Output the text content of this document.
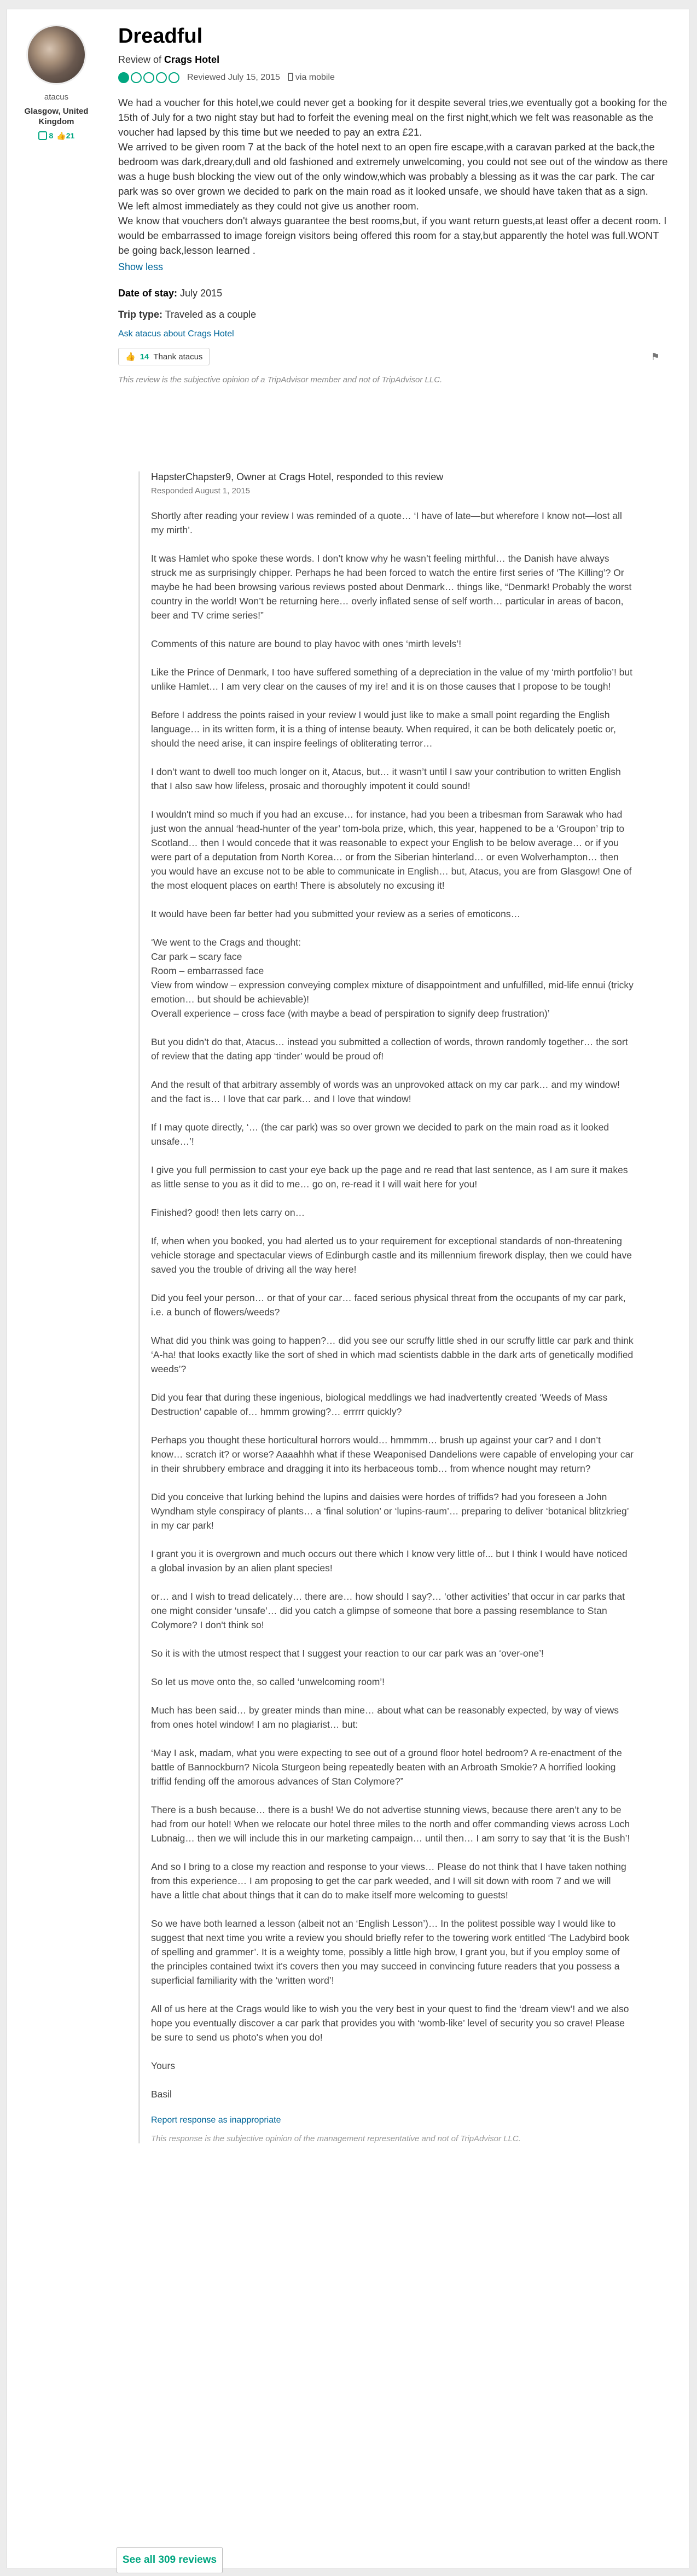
atacus
Glasgow, United Kingdom
8 👍21
Dreadful
Review of Crags Hotel
Reviewed July 15, 2015	via mobile

We had a voucher for this hotel,we could never get a booking for it despite several tries,we eventually got a booking for the 15th of July for a two night stay but had to forfeit the evening meal on the first night,which we felt was reasonable as the voucher had lapsed by this time but we needed to pay an extra £21.

We arrived to be given room 7 at the back of the hotel next to an open fire escape,with a caravan parked at the back,the bedroom was dark,dreary,dull and old fashioned and extremely unwelcoming, you could not see out of the window as there was a huge bush blocking the view out of the only window,which was probably a blessing as it was the car park. The car park was so over grown we decided to park on the main road as it looked unsafe, we should have taken that as a sign.

We left almost immediately as they could not give us another room.

We know that vouchers don't always guarantee the best rooms,but, if you want return guests,at least offer a decent room. I would be embarrassed to image foreign visitors being offered this room for a stay,but apparently the hotel was full.WONT be going back,lesson learned .

Show less
Date of stay: July 2015
Trip type: Traveled as a couple
Ask atacus about Crags Hotel
👍 14 Thank atacus	⚑
This review is the subjective opinion of a TripAdvisor member and not of TripAdvisor LLC.
HapsterChapster9, Owner at Crags Hotel, responded to this review
Responded August 1, 2015

Shortly after reading your review I was reminded of a quote… ‘I have of late—but wherefore I know not—lost all my mirth’.

It was Hamlet who spoke these words. I don’t know why he wasn’t feeling mirthful… the Danish have always struck me as surprisingly chipper. Perhaps he had been forced to watch the entire first series of ‘The Killing’? Or maybe he had been browsing various reviews posted about Denmark… things like, “Denmark! Probably the worst country in the world! Won’t be returning here… overly inflated sense of self worth… particular in areas of bacon, beer and TV crime series!”

Comments of this nature are bound to play havoc with ones ‘mirth levels’!

Like the Prince of Denmark, I too have suffered something of a depreciation in the value of my ‘mirth portfolio’! but unlike Hamlet… I am very clear on the causes of my ire! and it is on those causes that I propose to be tough!

Before I address the points raised in your review I would just like to make a small point regarding the English language… in its written form, it is a thing of intense beauty. When required, it can be both delicately poetic or, should the need arise, it can inspire feelings of obliterating terror…

I don’t want to dwell too much longer on it, Atacus, but… it wasn’t until I saw your contribution to written English that I also saw how lifeless, prosaic and thoroughly impotent it could sound!

I wouldn't mind so much if you had an excuse… for instance, had you been a tribesman from Sarawak who had just won the annual ‘head-hunter of the year’ tom-bola prize, which, this year, happened to be a ‘Groupon’ trip to Scotland… then I would concede that it was reasonable to expect your English to be below average… or if you were part of a deputation from North Korea… or from the Siberian hinterland… or even Wolverhampton… then you would have an excuse not to be able to communicate in English… but, Atacus, you are from Glasgow! One of the most eloquent places on earth! There is absolutely no excusing it!

It would have been far better had you submitted your review as a series of emoticons…

‘We went to the Crags and thought:

Car park – scary face

Room – embarrassed face

View from window – expression conveying complex mixture of disappointment and unfulfilled, mid-life ennui (tricky emotion… but should be achievable)!

Overall experience – cross face (with maybe a bead of perspiration to signify deep frustration)’

But you didn’t do that, Atacus… instead you submitted a collection of words, thrown randomly together… the sort of review that the dating app ‘tinder’ would be proud of!

And the result of that arbitrary assembly of words was an unprovoked attack on my car park… and my window! and the fact is… I love that car park… and I love that window!

If I may quote directly, ‘… (the car park) was so over grown we decided to park on the main road as it looked unsafe…’!

I give you full permission to cast your eye back up the page and re read that last sentence, as I am sure it makes as little sense to you as it did to me… go on, re-read it I will wait here for you!

Finished? good! then lets carry on…

If, when when you booked, you had alerted us to your requirement for exceptional standards of non-threatening vehicle storage and spectacular views of Edinburgh castle and its millennium firework display, then we could have saved you the trouble of driving all the way here!

Did you feel your person… or that of your car… faced serious physical threat from the occupants of my car park, i.e. a bunch of flowers/weeds?

What did you think was going to happen?… did you see our scruffy little shed in our scruffy little car park and think ‘A-ha! that looks exactly like the sort of shed in which mad scientists dabble in the dark arts of genetically modified weeds’?

Did you fear that during these ingenious, biological meddlings we had inadvertently created ‘Weeds of Mass Destruction’ capable of… hmmm growing?… errrrr quickly?

Perhaps you thought these horticultural horrors would… hmmmm… brush up against your car? and I don’t know… scratch it? or worse? Aaaahhh what if these Weaponised Dandelions were capable of enveloping your car in their shrubbery embrace and dragging it into its herbaceous tomb… from whence nought may return?

Did you conceive that lurking behind the lupins and daisies were hordes of triffids? had you foreseen a John Wyndham style conspiracy of plants… a ‘final solution’ or ‘lupins-raum’… preparing to deliver ‘botanical blitzkrieg’ in my car park!

I grant you it is overgrown and much occurs out there which I know very little of... but I think I would have noticed a global invasion by an alien plant species!

or… and I wish to tread delicately… there are… how should I say?… ‘other activities’ that occur in car parks that one might consider ‘unsafe’… did you catch a glimpse of someone that bore a passing resemblance to Stan Colymore? I don't think so!

So it is with the utmost respect that I suggest your reaction to our car park was an ‘over-one’!

So let us move onto the, so called ‘unwelcoming room’!

Much has been said… by greater minds than mine… about what can be reasonably expected, by way of views from ones hotel window! I am no plagiarist… but:

‘May I ask, madam, what you were expecting to see out of a ground floor hotel bedroom? A re-enactment of the battle of Bannockburn? Nicola Sturgeon being repeatedly beaten with an Arbroath Smokie? A horrified looking triffid fending off the amorous advances of Stan Colymore?”

There is a bush because… there is a bush! We do not advertise stunning views, because there aren’t any to be had from our hotel! When we relocate our hotel three miles to the north and offer commanding views across Loch Lubnaig… then we will include this in our marketing campaign… until then… I am sorry to say that ‘it is the Bush’!

And so I bring to a close my reaction and response to your views… Please do not think that I have taken nothing from this experience… I am proposing to get the car park weeded, and I will sit down with room 7 and we will have a little chat about things that it can do to make itself more welcoming to guests!

So we have both learned a lesson (albeit not an ‘English Lesson’)… In the politest possible way I would like to suggest that next time you write a review you should briefly refer to the towering work entitled ‘The Ladybird book of spelling and grammer’. It is a weighty tome, possibly a little high brow, I grant you, but if you employ some of the principles contained twixt it's covers then you may succeed in convincing future readers that you possess a superficial familiarity with the ‘written word’!

All of us here at the Crags would like to wish you the very best in your quest to find the ‘dream view’! and we also hope you eventually discover a car park that provides you with ‘womb-like’ level of security you so crave! Please be sure to send us photo's when you do!

Yours

Basil

Report response as inappropriate
This response is the subjective opinion of the management representative and not of TripAdvisor LLC.
See all 309 reviews
